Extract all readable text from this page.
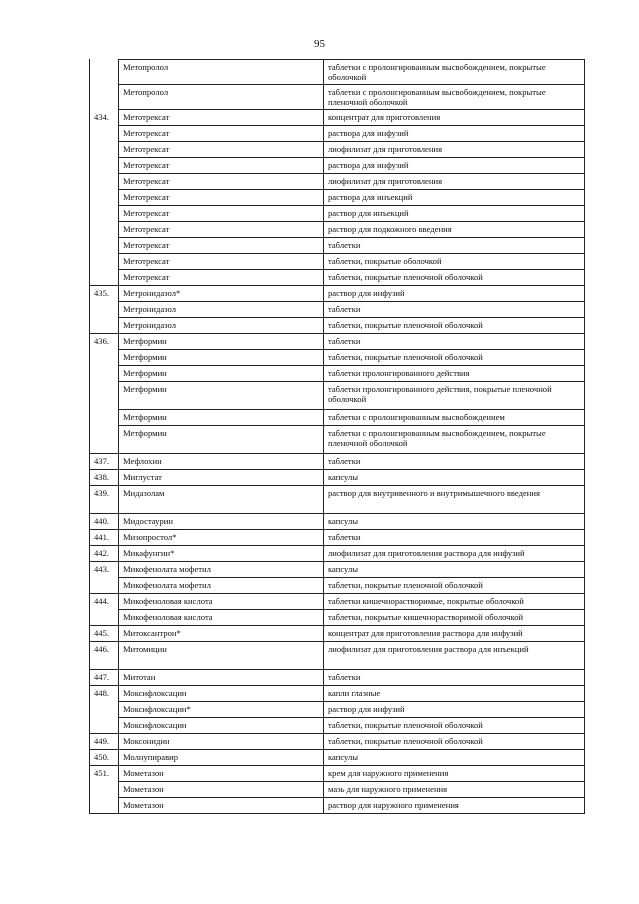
95
	Метопролол	таблетки с пролонгированным высвобождением, покрытые оболочкой
	Метопролол	таблетки с пролонгированным высвобождением, покрытые пленочной оболочкой
434.	Метотрексат	концентрат для приготовления
	Метотрексат	раствора для инфузий
	Метотрексат	лиофилизат для приготовления
	Метотрексат	раствора для инфузий
	Метотрексат	лиофилизат для приготовления
	Метотрексат	раствора для инъекций
	Метотрексат	раствор для инъекций
	Метотрексат	раствор для подкожного введения
	Метотрексат	таблетки
	Метотрексат	таблетки, покрытые оболочкой
	Метотрексат	таблетки, покрытые пленочной оболочкой
435.	Метронидазол*	раствор для инфузий
	Метронидазол	таблетки
	Метронидазол	таблетки, покрытые пленочной оболочкой
436.	Метформин	таблетки
	Метформин	таблетки, покрытые пленочной оболочкой
	Метформин	таблетки пролонгированного действия
	Метформин	таблетки пролонгированного действия, покрытые пленочной оболочкой
	Метформин	таблетки с пролонгированным высвобождением
	Метформин	таблетки с пролонгированным высвобождением, покрытые пленочной оболочкой
437.	Мефлохин	таблетки
438.	Миглустат	капсулы
439.	Мидазолам	раствор для внутривенного и внутримышечного введения
440.	Мидостаурин	капсулы
441.	Мизопростол*	таблетки
442.	Микафунгин*	лиофилизат для приготовления раствора для инфузий
443.	Микофенолата мофетил	капсулы
	Микофенолата мофетил	таблетки, покрытые пленочной оболочкой
444.	Микофеноловая кислота	таблетки кишечнорастворимые, покрытые оболочкой
	Микофеноловая кислота	таблетки, покрытые кишечнорастворимой оболочкой
445.	Митоксантрон*	концентрат для приготовления раствора для инфузий
446.	Митомицин	лиофилизат для приготовления раствора для инъекций
447.	Митотан	таблетки
448.	Моксифлоксацин	капли глазные
	Моксифлоксацин*	раствор для инфузий
	Моксифлоксацин	таблетки, покрытые пленочной оболочкой
449.	Моксонидин	таблетки, покрытые пленочной оболочкой
450.	Молнупиравир	капсулы
451.	Мометазон	крем для наружного применения
	Мометазон	мазь для наружного применения
	Мометазон	раствор для наружного применения
